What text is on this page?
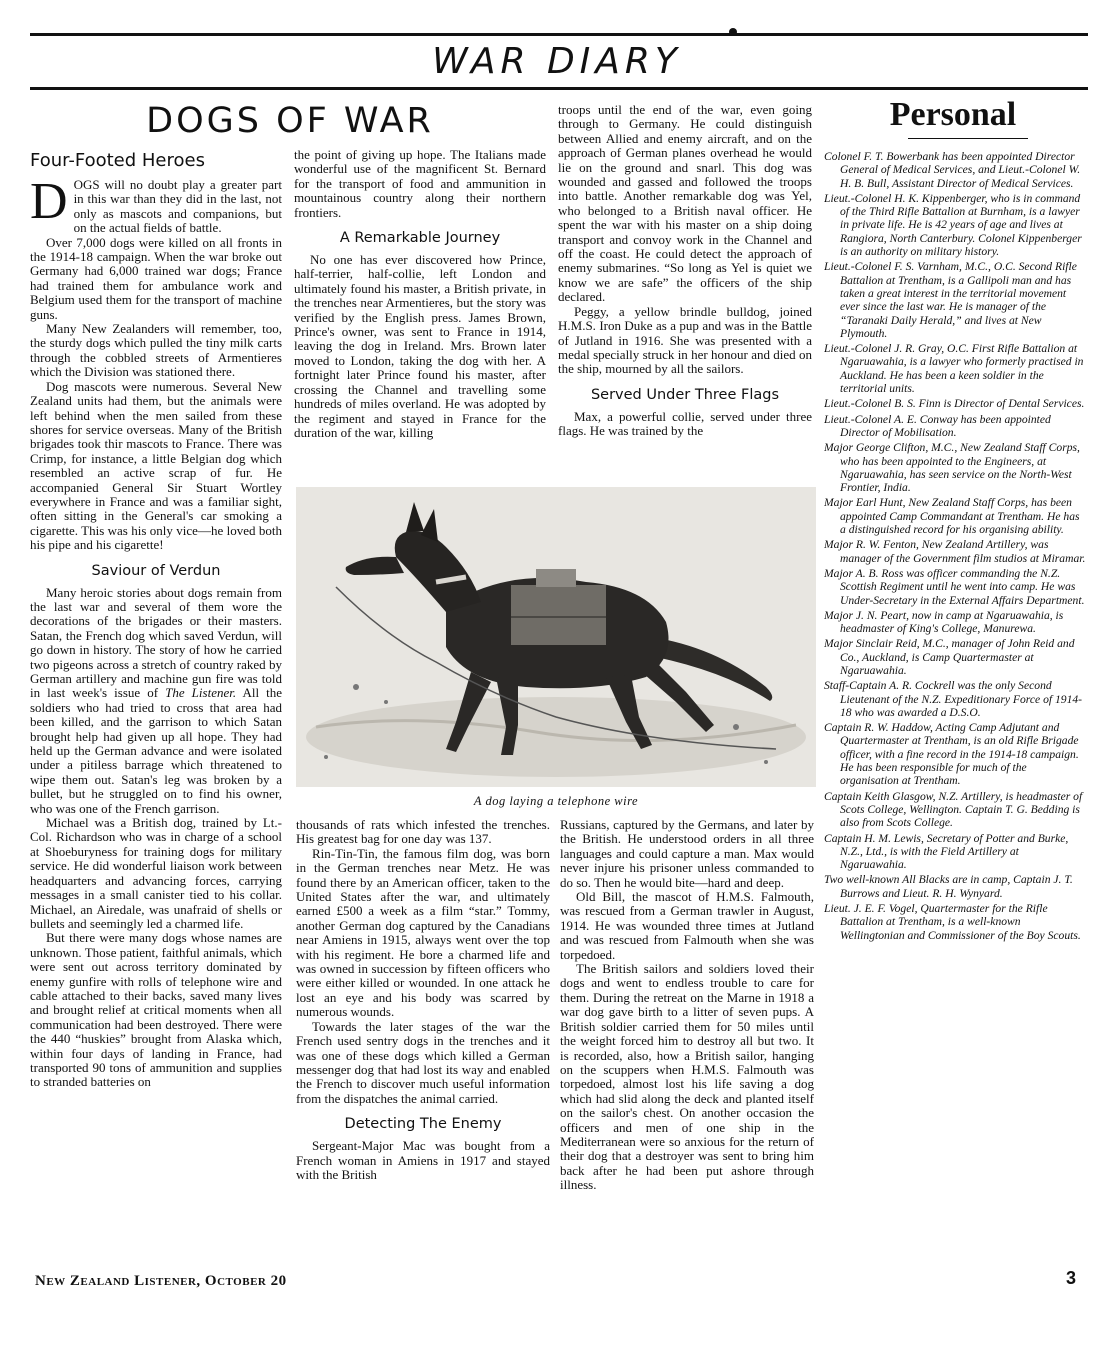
WAR DIARY
DOGS OF WAR
Four-Footed Heroes

DOGS will no doubt play a greater part in this war than they did in the last, not only as mascots and companions, but on the actual fields of battle.

Over 7,000 dogs were killed on all fronts in the 1914-18 campaign. When the war broke out Germany had 6,000 trained war dogs; France had trained them for ambulance work and Belgium used them for the transport of machine guns.

Many New Zealanders will remember, too, the sturdy dogs which pulled the tiny milk carts through the cobbled streets of Armentieres which the Division was stationed there.

Dog mascots were numerous. Several New Zealand units had them, but the animals were left behind when the men sailed from these shores for service overseas. Many of the British brigades took thir mascots to France. There was Crimp, for instance, a little Belgian dog which resembled an active scrap of fur. He accompanied General Sir Stuart Wortley everywhere in France and was a familiar sight, often sitting in the General's car smoking a cigarette. This was his only vice—he loved both his pipe and his cigarette!

Saviour of Verdun

Many heroic stories about dogs remain from the last war and several of them wore the decorations of the brigades or their masters. Satan, the French dog which saved Verdun, will go down in history. The story of how he carried two pigeons across a stretch of country raked by German artillery and machine gun fire was told in last week's issue of The Listener. All the soldiers who had tried to cross that area had been killed, and the garrison to which Satan brought help had given up all hope. They had held up the German advance and were isolated under a pitiless barrage which threatened to wipe them out. Satan's leg was broken by a bullet, but he struggled on to find his owner, who was one of the French garrison.

Michael was a British dog, trained by Lt.-Col. Richardson who was in charge of a school at Shoeburyness for training dogs for military service. He did wonderful liaison work between headquarters and advancing forces, carrying messages in a small canister tied to his collar. Michael, an Airedale, was unafraid of shells or bullets and seemingly led a charmed life.

But there were many dogs whose names are unknown. Those patient, faithful animals, which were sent out across territory dominated by enemy gunfire with rolls of telephone wire and cable attached to their backs, saved many lives and brought relief at critical moments when all communication had been destroyed. There were the 440 “huskies” brought from Alaska which, within four days of landing in France, had transported 90 tons of ammunition and supplies to stranded batteries on

the point of giving up hope. The Italians made wonderful use of the magnificent St. Bernard for the transport of food and ammunition in mountainous country along their northern frontiers.

A Remarkable Journey

No one has ever discovered how Prince, half-terrier, half-collie, left London and ultimately found his master, a British private, in the trenches near Armentieres, but the story was verified by the English press. James Brown, Prince's owner, was sent to France in 1914, leaving the dog in Ireland. Mrs. Brown later moved to London, taking the dog with her. A fortnight later Prince found his master, after crossing the Channel and travelling some hundreds of miles overland. He was adopted by the regiment and stayed in France for the duration of the war, killing

troops until the end of the war, even going through to Germany. He could distinguish between Allied and enemy aircraft, and on the approach of German planes overhead he would lie on the ground and snarl. This dog was wounded and gassed and followed the troops into battle. Another remarkable dog was Yel, who belonged to a British naval officer. He spent the war with his master on a ship doing transport and convoy work in the Channel and off the coast. He could detect the approach of enemy submarines. “So long as Yel is quiet we know we are safe” the officers of the ship declared.

Peggy, a yellow brindle bulldog, joined H.M.S. Iron Duke as a pup and was in the Battle of Jutland in 1916. She was presented with a medal specially struck in her honour and died on the ship, mourned by all the sailors.

Served Under Three Flags

Max, a powerful collie, served under three flags. He was trained by the

A dog laying a telephone wire

thousands of rats which infested the trenches. His greatest bag for one day was 137.

Rin-Tin-Tin, the famous film dog, was born in the German trenches near Metz. He was found there by an American officer, taken to the United States after the war, and ultimately earned £500 a week as a film “star.” Tommy, another German dog captured by the Canadians near Amiens in 1915, always went over the top with his regiment. He bore a charmed life and was owned in succession by fifteen officers who were either killed or wounded. In one attack he lost an eye and his body was scarred by numerous wounds.

Towards the later stages of the war the French used sentry dogs in the trenches and it was one of these dogs which killed a German messenger dog that had lost its way and enabled the French to discover much useful information from the dispatches the animal carried.

Detecting The Enemy

Sergeant-Major Mac was bought from a French woman in Amiens in 1917 and stayed with the British

Russians, captured by the Germans, and later by the British. He understood orders in all three languages and could capture a man. Max would never injure his prisoner unless commanded to do so. Then he would bite—hard and deep.

Old Bill, the mascot of H.M.S. Falmouth, was rescued from a German trawler in August, 1914. He was wounded three times at Jutland and was rescued from Falmouth when she was torpedoed.

The British sailors and soldiers loved their dogs and went to endless trouble to care for them. During the retreat on the Marne in 1918 a war dog gave birth to a litter of seven pups. A British soldier carried them for 50 miles until the weight forced him to destroy all but two. It is recorded, also, how a British sailor, hanging on the scuppers when H.M.S. Falmouth was torpedoed, almost lost his life saving a dog which had slid along the deck and planted itself on the sailor's chest. On another occasion the officers and men of one ship in the Mediterranean were so anxious for the return of their dog that a destroyer was sent to bring him back after he had been put ashore through illness.

Personal
Colonel F. T. Bowerbank has been appointed Director General of Medical Services, and Lieut.-Colonel W. H. B. Bull, Assistant Director of Medical Services.
Lieut.-Colonel H. K. Kippenberger, who is in command of the Third Rifle Battalion at Burnham, is a lawyer in private life. He is 42 years of age and lives at Rangiora, North Canterbury. Colonel Kippenberger is an authority on military history.
Lieut.-Colonel F. S. Varnham, M.C., O.C. Second Rifle Battalion at Trentham, is a Gallipoli man and has taken a great interest in the territorial movement ever since the last war. He is manager of the “Taranaki Daily Herald,” and lives at New Plymouth.
Lieut.-Colonel J. R. Gray, O.C. First Rifle Battalion at Ngaruawahia, is a lawyer who formerly practised in Auckland. He has been a keen soldier in the territorial units.
Lieut.-Colonel B. S. Finn is Director of Dental Services.
Lieut.-Colonel A. E. Conway has been appointed Director of Mobilisation.
Major George Clifton, M.C., New Zealand Staff Corps, who has been appointed to the Engineers, at Ngaruawahia, has seen service on the North-West Frontier, India.
Major Earl Hunt, New Zealand Staff Corps, has been appointed Camp Commandant at Trentham. He has a distinguished record for his organising ability.
Major R. W. Fenton, New Zealand Artillery, was manager of the Government film studios at Miramar.
Major A. B. Ross was officer commanding the N.Z. Scottish Regiment until he went into camp. He was Under-Secretary in the External Affairs Department.
Major J. N. Peart, now in camp at Ngaruawahia, is headmaster of King's College, Manurewa.
Major Sinclair Reid, M.C., manager of John Reid and Co., Auckland, is Camp Quartermaster at Ngaruawahia.
Staff-Captain A. R. Cockrell was the only Second Lieutenant of the N.Z. Expeditionary Force of 1914-18 who was awarded a D.S.O.
Captain R. W. Haddow, Acting Camp Adjutant and Quartermaster at Trentham, is an old Rifle Brigade officer, with a fine record in the 1914-18 campaign. He has been responsible for much of the organisation at Trentham.
Captain Keith Glasgow, N.Z. Artillery, is headmaster of Scots College, Wellington. Captain T. G. Bedding is also from Scots College.
Captain H. M. Lewis, Secretary of Potter and Burke, N.Z., Ltd., is with the Field Artillery at Ngaruawahia.
Two well-known All Blacks are in camp, Captain J. T. Burrows and Lieut. R. H. Wynyard.
Lieut. J. E. F. Vogel, Quartermaster for the Rifle Battalion at Trentham, is a well-known Wellingtonian and Commissioner of the Boy Scouts.
New Zealand Listener, October 20	3
